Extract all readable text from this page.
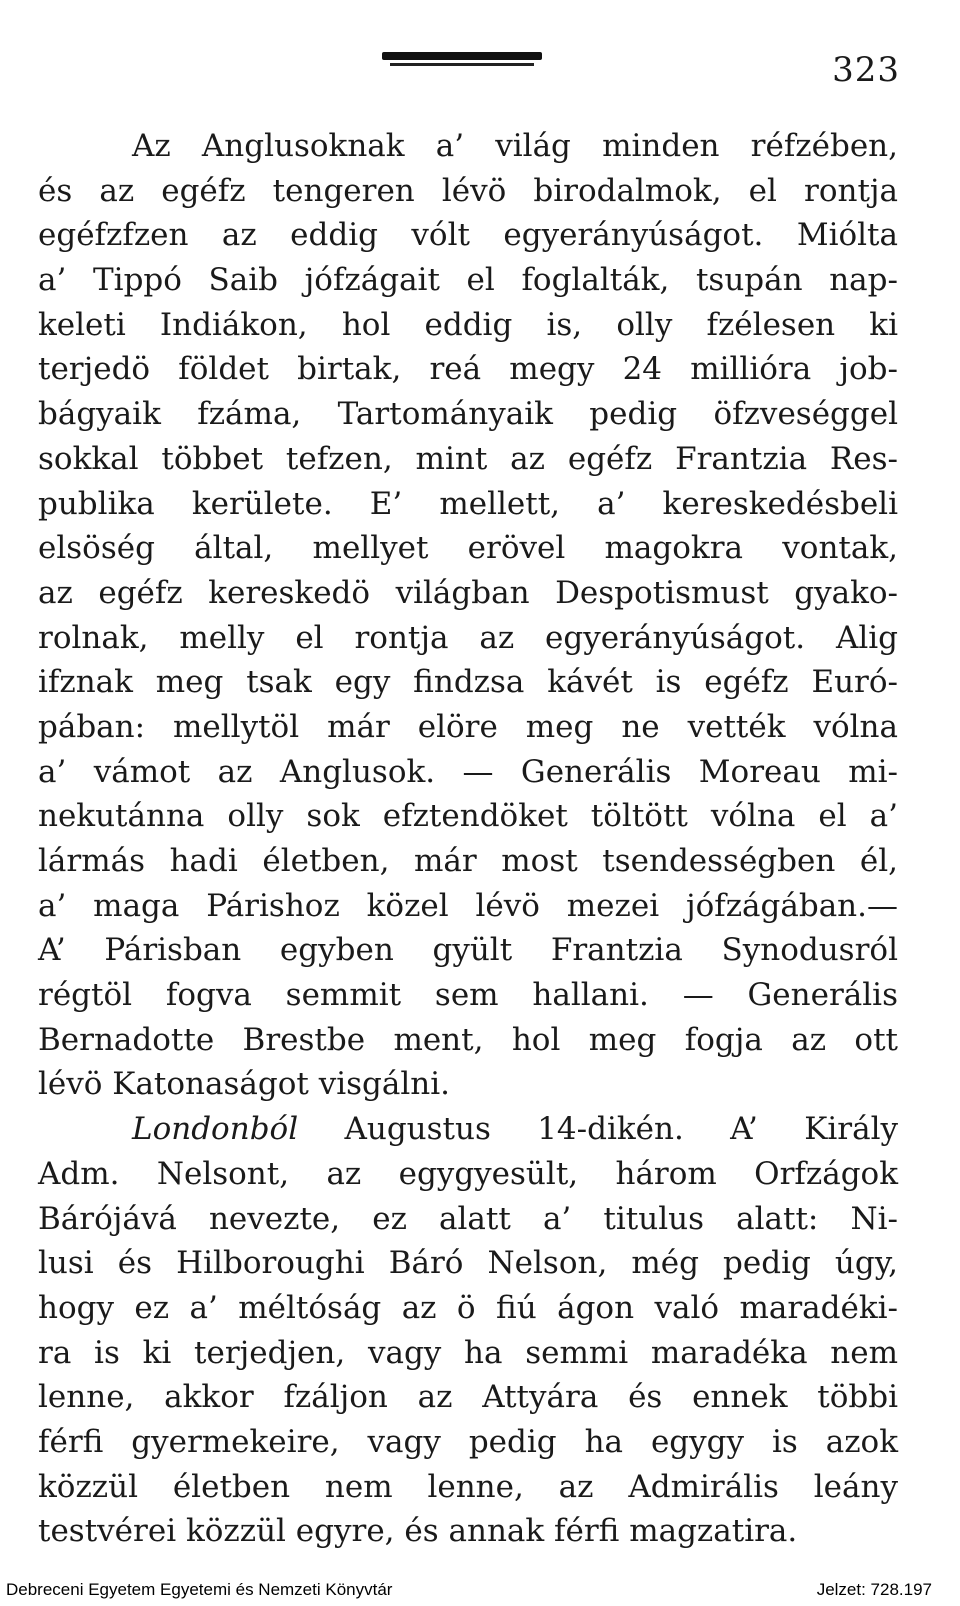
323
Az Anglusoknak a’ világ minden réfzében,
és az egéfz tengeren lévö birodalmok, el rontja
egéfzfzen az eddig vólt egyerányúságot. Miólta
a’ Tippó Saib jófzágait el foglalták, tsupán nap-
keleti Indiákon, hol eddig is, olly fzélesen ki
terjedö földet birtak, reá megy 24 millióra job-
bágyaik fzáma, Tartományaik pedig öfzveséggel
sokkal többet tefzen, mint az egéfz Frantzia Res-
publika kerülete. E’ mellett, a’ kereskedésbeli
elsöség által, mellyet erövel magokra vontak,
az egéfz kereskedö világban Despotismust gyako-
rolnak, melly el rontja az egyerányúságot. Alig
ifznak meg tsak egy findzsa kávét is egéfz Euró-
pában: mellytöl már elöre meg ne vették vólna
a’ vámot az Anglusok. — Generális Moreau mi-
nekutánna olly sok efztendöket töltött vólna el a’
lármás hadi életben, már most tsendességben él,
a’ maga Párishoz közel lévö mezei jófzágában.—
A’ Párisban egyben gyült Frantzia Synodusról
régtöl fogva semmit sem hallani. — Generális
Bernadotte Brestbe ment, hol meg fogja az ott
lévö Katonaságot visgálni.
Londonból Augustus 14-dikén. A’ Király
Adm. Nelsont, az egygyesült, három Orfzágok
Bárójává nevezte, ez alatt a’ titulus alatt: Ni-
lusi és Hilboroughi Báró Nelson, még pedig úgy,
hogy ez a’ méltóság az ö fiú ágon való maradéki-
ra is ki terjedjen, vagy ha semmi maradéka nem
lenne, akkor fzáljon az Attyára és ennek többi
férfi gyermekeire, vagy pedig ha egygy is azok
közzül életben nem lenne, az Admirális leány
testvérei közzül egyre, és annak férfi magzatira.
Debreceni Egyetem Egyetemi és Nemzeti Könyvtár	Jelzet: 728.197
